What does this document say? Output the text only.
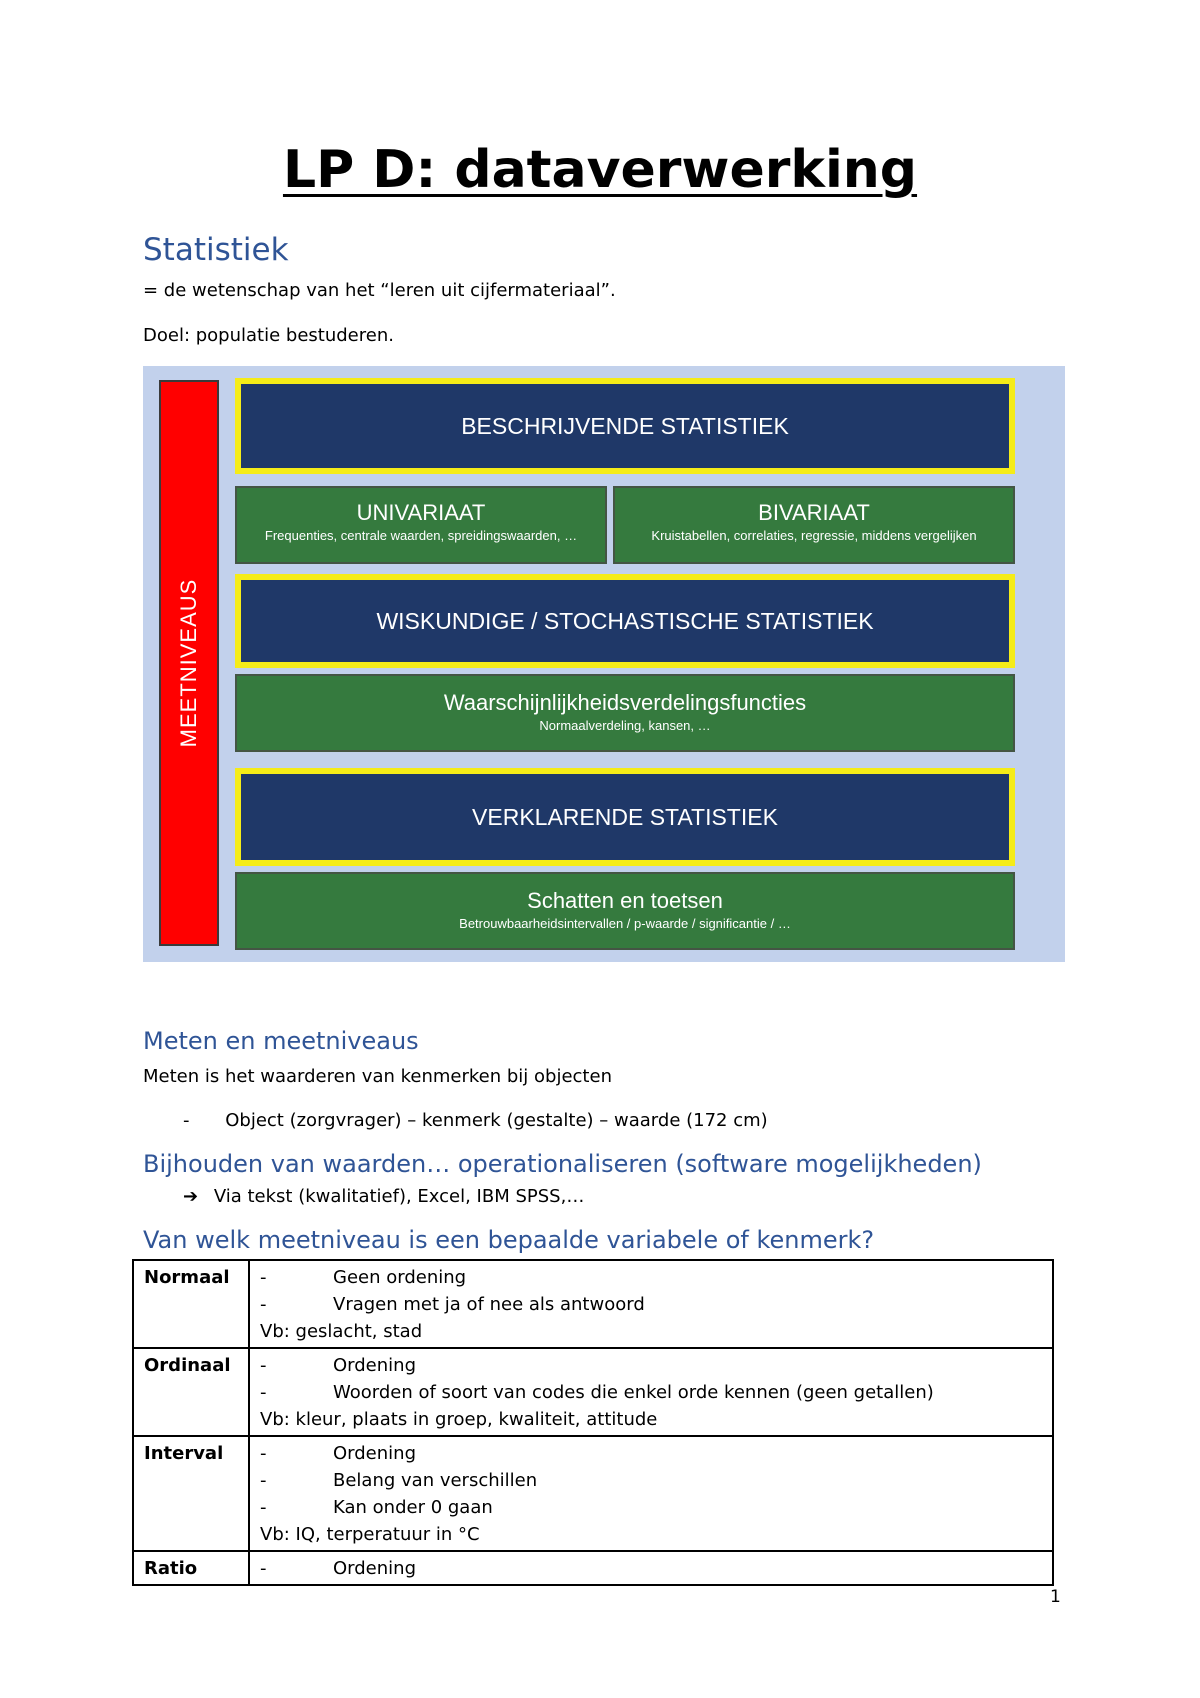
LP D: dataverwerking
Statistiek

= de wetenschap van het “leren uit cijfermateriaal”.

Doel: populatie bestuderen.

MEETNIVEAUS
BESCHRIJVENDE STATISTIEK
UNIVARIAAT
Frequenties, centrale waarden, spreidingswaarden, …
BIVARIAAT
Kruistabellen, correlaties, regressie, middens vergelijken
WISKUNDIGE / STOCHASTISCHE STATISTIEK
Waarschijnlijkheidsverdelingsfuncties
Normaalverdeling, kansen, …
VERKLARENDE STATISTIEK
Schatten en toetsen
Betrouwbaarheidsintervallen / p-waarde / significantie / …
Meten en meetniveaus

Meten is het waarderen van kenmerken bij objecten

- Object (zorgvrager) – kenmerk (gestalte) – waarde (172 cm)

Bijhouden van waarden… operationaliseren (software mogelijkheden)

➔ Via tekst (kwalitatief), Excel, IBM SPSS,…

Van welk meetniveau is een bepaalde variabele of kenmerk?
Normaal	- Geen ordening
- Vragen met ja of nee als antwoord
Vb: geslacht, stad

Ordinaal	- Ordening
- Woorden of soort van codes die enkel orde kennen (geen getallen)
Vb: kleur, plaats in groep, kwaliteit, attitude

Interval	- Ordening
- Belang van verschillen
- Kan onder 0 gaan
Vb: IQ, terperatuur in °C

Ratio	- Ordening
1
